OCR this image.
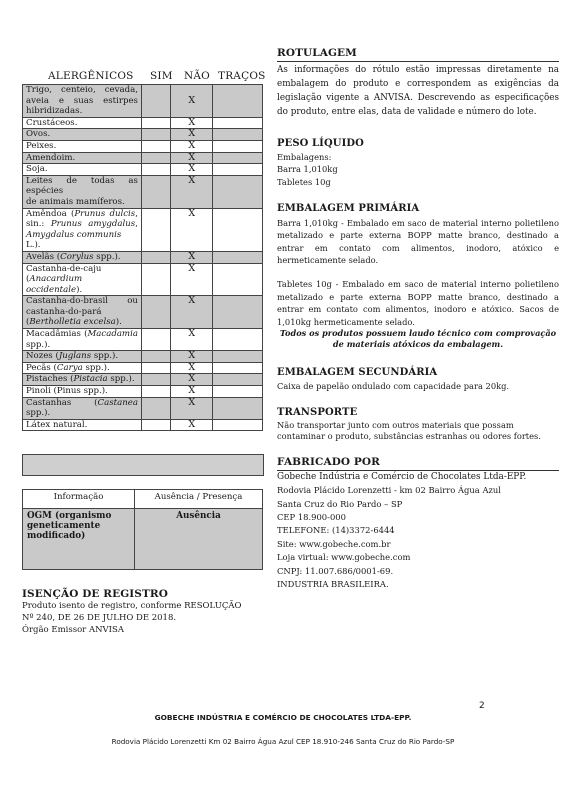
ALERGÊNICOS SIM NÃO TRAÇOS
Trigo, centeio, cevada,
aveia e suas estirpes
hibridizadas.		X	

Crustáceos.		X	

Ovos.		X	

Peixes.		X	

Amendoim.		X	

Soja.		X	

Leites de todas as espécies
de animais mamíferos.		X	

Amêndoa (Prunus dulcis,
sin.: Prunus amygdalus,
Amygdalus communis L.).		X	

Avelãs (Corylus spp.).		X	

Castanha-de-caju
(Anacardium occidentale).		X	

Castanha-do-brasil ou
castanha-do-pará
(Bertholletia excelsa).		X	

Macadâmias (Macadamia
spp.).		X	

Nozes (Juglans spp.).		X	

Pecãs (Carya spp.).		X	

Pistaches (Pistacia spp.).		X	

Pinoli (Pinus spp.).		X	

Castanhas (Castanea
spp.).		X	

Látex natural.		X	
Informação	Ausência / Presença

OGM (organismo
geneticamente
modificado)	Ausência
ISENÇÃO DE REGISTRO
Produto isento de registro, conforme RESOLUÇÃO
Nº 240, DE 26 DE JULHO DE 2018.
Órgão Emissor ANVISA
ROTULAGEM
As informações do rótulo estão impressas diretamente na embalagem do produto e correspondem as exigências da legislação vigente a ANVISA. Descrevendo as especificações do produto, entre elas, data de validade e número do lote.
PESO LÍQUIDO
Embalagens:
Barra 1,010kg
Tabletes 10g
EMBALAGEM PRIMÁRIA
Barra 1,010kg - Embalado em saco de material interno polietileno metalizado e parte externa BOPP matte branco, destinado a entrar em contato com alimentos, inodoro, atóxico e hermeticamente selado.
Tabletes 10g - Embalado em saco de material interno polietileno metalizado e parte externa BOPP matte branco, destinado a entrar em contato com alimentos, inodoro e atóxico. Sacos de 1,010kg hermeticamente selado.
Todos os produtos possuem laudo técnico com comprovação de materiais atóxicos da embalagem.
EMBALAGEM SECUNDÁRIA
Caixa de papelão ondulado com capacidade para 20kg.
TRANSPORTE
Não transportar junto com outros materiais que possam contaminar o produto, substâncias estranhas ou odores fortes.
FABRICADO POR
Gobeche Indústria e Comércio de Chocolates Ltda-EPP.
Rodovia Plácido Lorenzetti - km 02 Bairro Água Azul
Santa Cruz do Rio Pardo – SP
CEP 18.900-000
TELEFONE: (14)3372-6444
Site: www.gobeche.com.br
Loja virtual: www.gobeche.com
CNPJ: 11.007.686/0001-69.
INDUSTRIA BRASILEIRA.
2
GOBECHE INDÚSTRIA E COMÉRCIO DE CHOCOLATES LTDA-EPP.
Rodovia Plácido Lorenzetti Km 02 Bairro Água Azul CEP 18.910-246 Santa Cruz do Rio Pardo-SP
